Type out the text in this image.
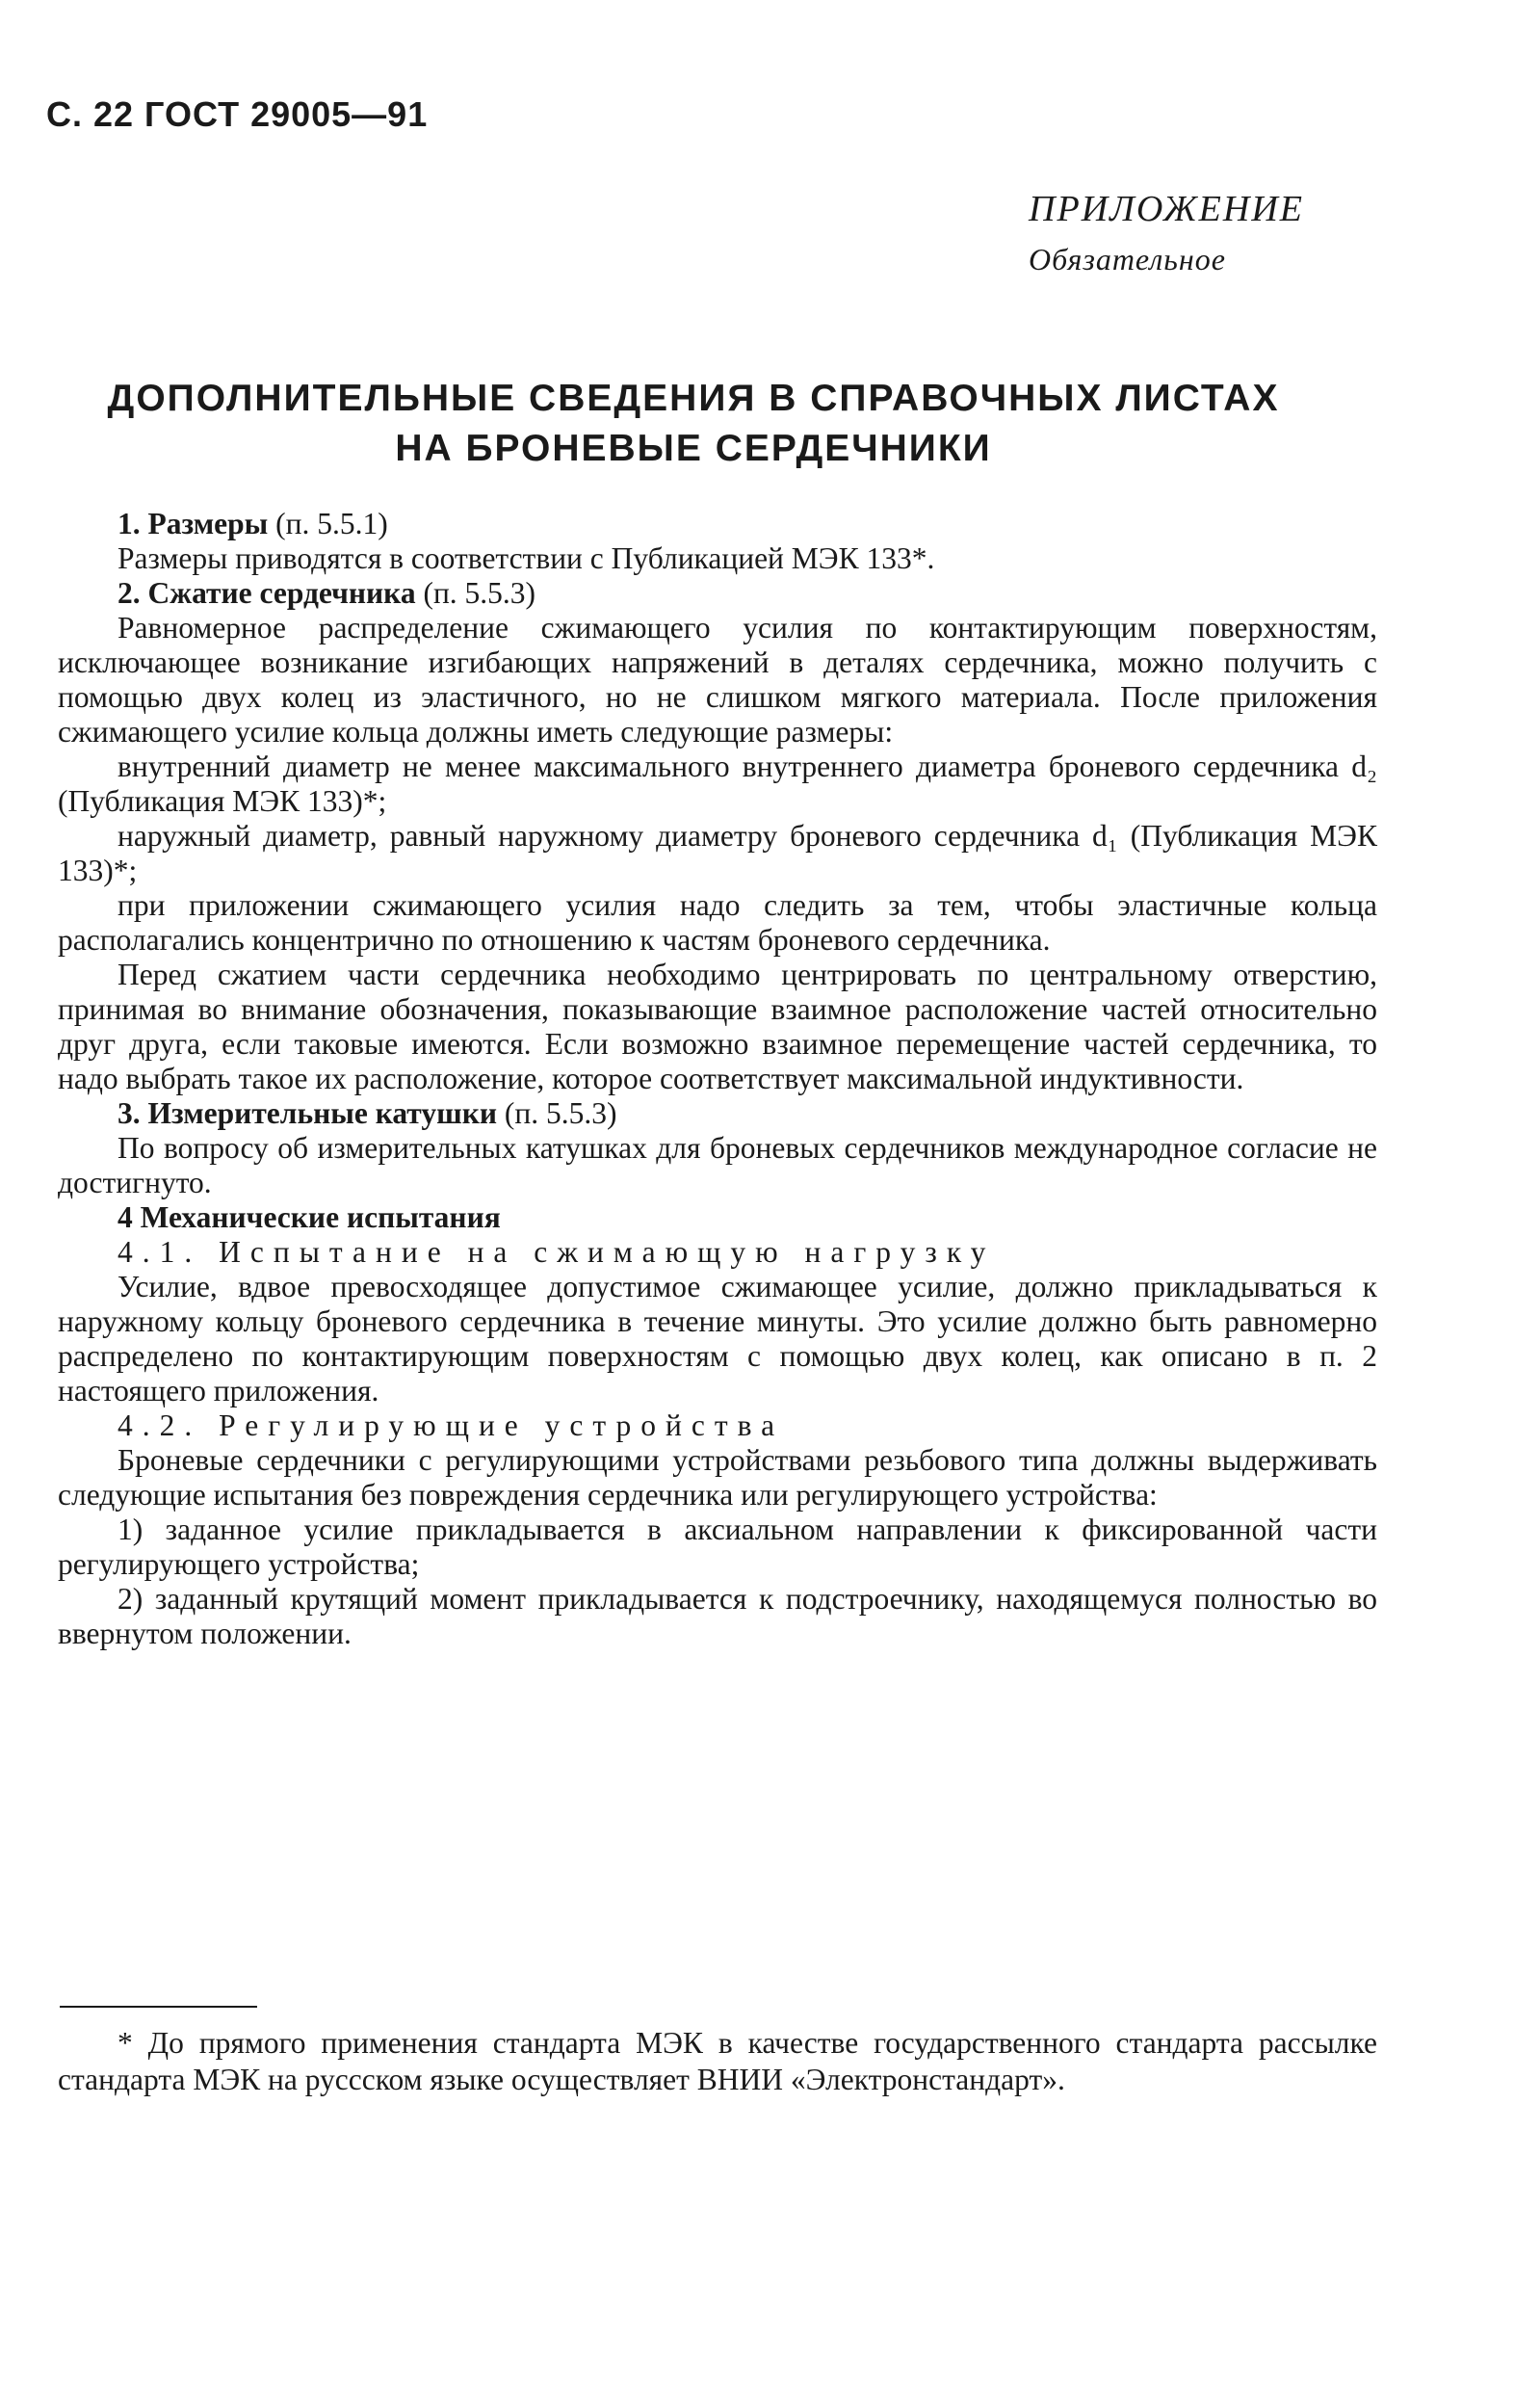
С. 22 ГОСТ 29005—91
ПРИЛОЖЕНИЕ
Обязательное
ДОПОЛНИТЕЛЬНЫЕ СВЕДЕНИЯ В СПРАВОЧНЫХ ЛИСТАХ
НА БРОНЕВЫЕ СЕРДЕЧНИКИ

1. Размеры (п. 5.5.1)

Размеры приводятся в соответствии с Публикацией МЭК 133*.

2. Сжатие сердечника (п. 5.5.3)

Равномерное распределение сжимающего усилия по контактирующим поверхностям, исключающее возникание изгибающих напряжений в деталях сердечника, можно получить с помощью двух колец из эластичного, но не слишком мягкого материала. После приложения сжимающего усилие кольца должны иметь следующие размеры:

внутренний диаметр не менее максимального внутреннего диаметра броневого сердечника d₂ (Публикация МЭК 133)*;

наружный диаметр, равный наружному диаметру броневого сердечника d₁ (Публикация МЭК 133)*;

при приложении сжимающего усилия надо следить за тем, чтобы эластичные кольца располагались концентрично по отношению к частям броневого сердечника.

Перед сжатием части сердечника необходимо центрировать по центральному отверстию, принимая во внимание обозначения, показывающие взаимное расположение частей относительно друг друга, если таковые имеются. Если возможно взаимное перемещение частей сердечника, то надо выбрать такое их расположение, которое соответствует максимальной индуктивности.

3. Измерительные катушки (п. 5.5.3)

По вопросу об измерительных катушках для броневых сердечников международное согласие не достигнуто.

4 Механические испытания

4.1. Испытание на сжимающую нагрузку

Усилие, вдвое превосходящее допустимое сжимающее усилие, должно прикладываться к наружному кольцу броневого сердечника в течение минуты. Это усилие должно быть равномерно распределено по контактирующим поверхностям с помощью двух колец, как описано в п. 2 настоящего приложения.

4.2. Регулирующие устройства

Броневые сердечники с регулирующими устройствами резьбового типа должны выдерживать следующие испытания без повреждения сердечника или регулирующего устройства:

1) заданное усилие прикладывается в аксиальном направлении к фиксированной части регулирующего устройства;

2) заданный крутящий момент прикладывается к подстроечнику, находящемуся полностью во ввернутом положении.

* До прямого применения стандарта МЭК в качестве государственного стандарта рассылке стандарта МЭК на руссском языке осуществляет ВНИИ «Электронстандарт».
